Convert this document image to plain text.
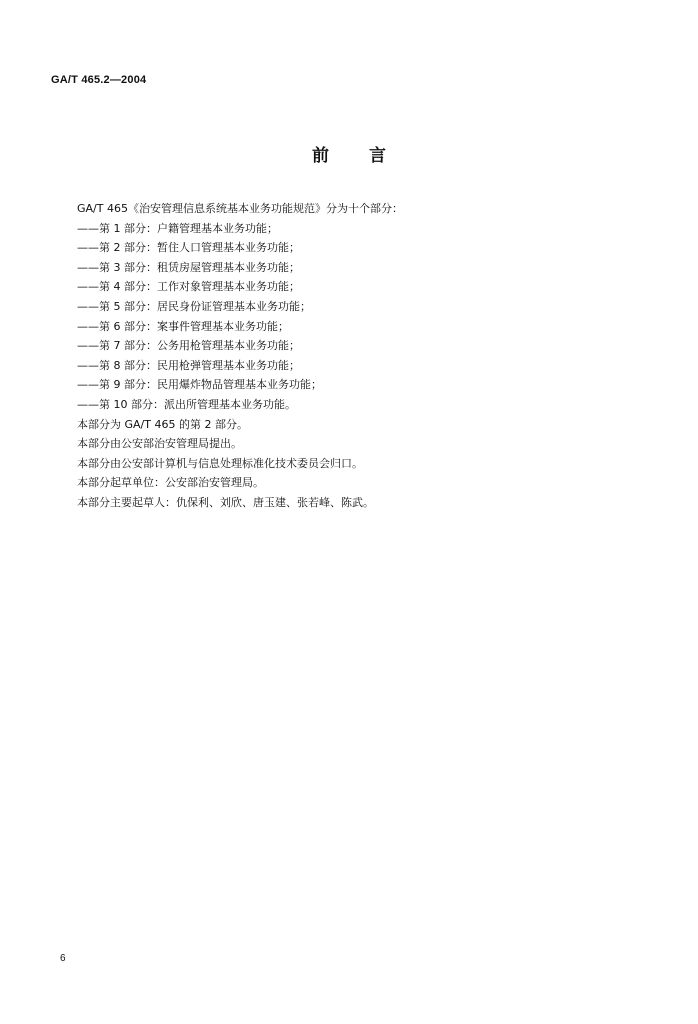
GA/T 465.2—2004
前 言
GA/T 465《治安管理信息系统基本业务功能规范》分为十个部分：
——第 1 部分：户籍管理基本业务功能；
——第 2 部分：暂住人口管理基本业务功能；
——第 3 部分：租赁房屋管理基本业务功能；
——第 4 部分：工作对象管理基本业务功能；
——第 5 部分：居民身份证管理基本业务功能；
——第 6 部分：案事件管理基本业务功能；
——第 7 部分：公务用枪管理基本业务功能；
——第 8 部分：民用枪弹管理基本业务功能；
——第 9 部分：民用爆炸物品管理基本业务功能；
——第 10 部分：派出所管理基本业务功能。
本部分为 GA/T 465 的第 2 部分。
本部分由公安部治安管理局提出。
本部分由公安部计算机与信息处理标准化技术委员会归口。
本部分起草单位：公安部治安管理局。
本部分主要起草人：仇保利、刘欣、唐玉建、张若峰、陈武。
6
